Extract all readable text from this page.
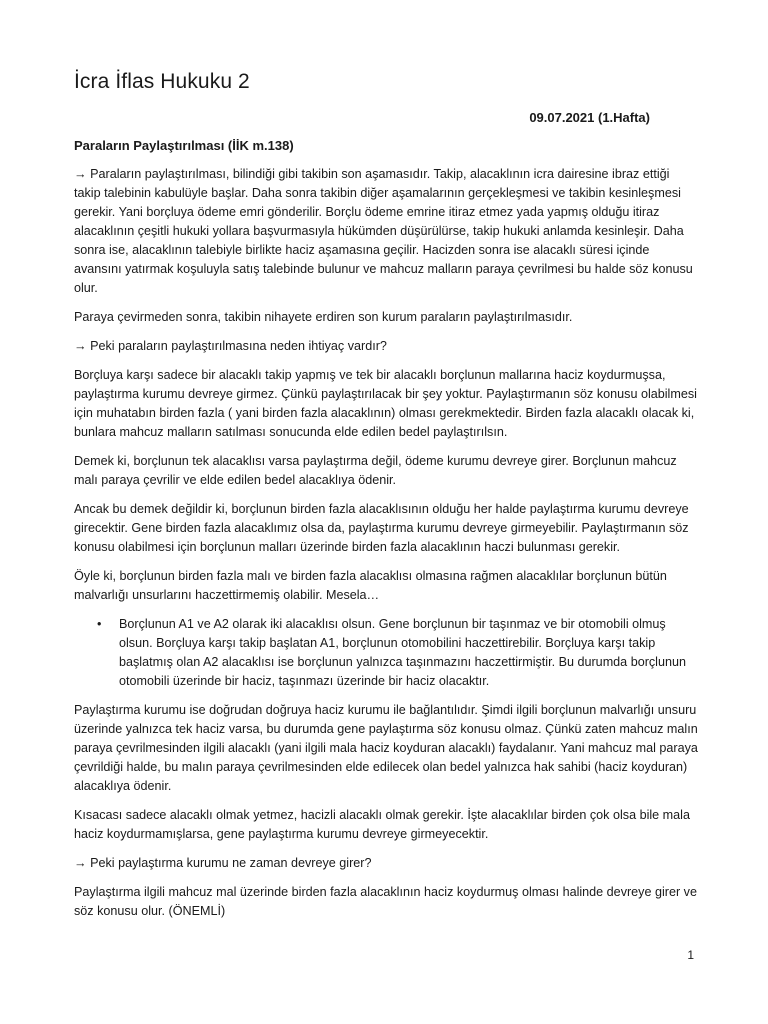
İcra İflas Hukuku 2
09.07.2021 (1.Hafta)
Paraların Paylaştırılması (İİK m.138)

→ Paraların paylaştırılması, bilindiği gibi takibin son aşamasıdır. Takip, alacaklının icra dairesine ibraz ettiği takip talebinin kabulüyle başlar. Daha sonra takibin diğer aşamalarının gerçekleşmesi ve takibin kesinleşmesi gerekir. Yani borçluya ödeme emri gönderilir. Borçlu ödeme emrine itiraz etmez yada yapmış olduğu itiraz alacaklının çeşitli hukuki yollara başvurmasıyla hükümden düşürülürse, takip hukuki anlamda kesinleşir. Daha sonra ise, alacaklının talebiyle birlikte haciz aşamasına geçilir. Hacizden sonra ise alacaklı süresi içinde avansını yatırmak koşuluyla satış talebinde bulunur ve mahcuz malların paraya çevrilmesi bu halde söz konusu olur.

Paraya çevirmeden sonra, takibin nihayete erdiren son kurum paraların paylaştırılmasıdır.

→ Peki paraların paylaştırılmasına neden ihtiyaç vardır?

Borçluya karşı sadece bir alacaklı takip yapmış ve tek bir alacaklı borçlunun mallarına haciz koydurmuşsa, paylaştırma kurumu devreye girmez. Çünkü paylaştırılacak bir şey yoktur. Paylaştırmanın söz konusu olabilmesi için muhatabın birden fazla ( yani birden fazla alacaklının) olması gerekmektedir. Birden fazla alacaklı olacak ki, bunlara mahcuz malların satılması sonucunda elde edilen bedel paylaştırılsın.

Demek ki, borçlunun tek alacaklısı varsa paylaştırma değil, ödeme kurumu devreye girer. Borçlunun mahcuz malı paraya çevrilir ve elde edilen bedel alacaklıya ödenir.

Ancak bu demek değildir ki, borçlunun birden fazla alacaklısının olduğu her halde paylaştırma kurumu devreye girecektir. Gene birden fazla alacaklımız olsa da, paylaştırma kurumu devreye girmeyebilir. Paylaştırmanın söz konusu olabilmesi için borçlunun malları üzerinde birden fazla alacaklının haczi bulunması gerekir.

Öyle ki, borçlunun birden fazla malı ve birden fazla alacaklısı olmasına rağmen alacaklılar borçlunun bütün malvarlığı unsurlarını haczettirmemiş olabilir. Mesela…

• Borçlunun A1 ve A2 olarak iki alacaklısı olsun. Gene borçlunun bir taşınmaz ve bir otomobili olmuş olsun. Borçluya karşı takip başlatan A1, borçlunun otomobilini haczettirebilir. Borçluya karşı takip başlatmış olan A2 alacaklısı ise borçlunun yalnızca taşınmazını haczettirmiştir. Bu durumda borçlunun otomobili üzerinde bir haciz, taşınmazı üzerinde bir haciz olacaktır.

Paylaştırma kurumu ise doğrudan doğruya haciz kurumu ile bağlantılıdır. Şimdi ilgili borçlunun malvarlığı unsuru üzerinde yalnızca tek haciz varsa, bu durumda gene paylaştırma söz konusu olmaz. Çünkü zaten mahcuz malın paraya çevrilmesinden ilgili alacaklı (yani ilgili mala haciz koyduran alacaklı) faydalanır. Yani mahcuz mal paraya çevrildiği halde, bu malın paraya çevrilmesinden elde edilecek olan bedel yalnızca hak sahibi (haciz koyduran) alacaklıya ödenir.

Kısacası sadece alacaklı olmak yetmez, hacizli alacaklı olmak gerekir. İşte alacaklılar birden çok olsa bile mala haciz koydurmamışlarsa, gene paylaştırma kurumu devreye girmeyecektir.

→ Peki paylaştırma kurumu ne zaman devreye girer?

Paylaştırma ilgili mahcuz mal üzerinde birden fazla alacaklının haciz koydurmuş olması halinde devreye girer ve söz konusu olur. (ÖNEMLİ)

1
